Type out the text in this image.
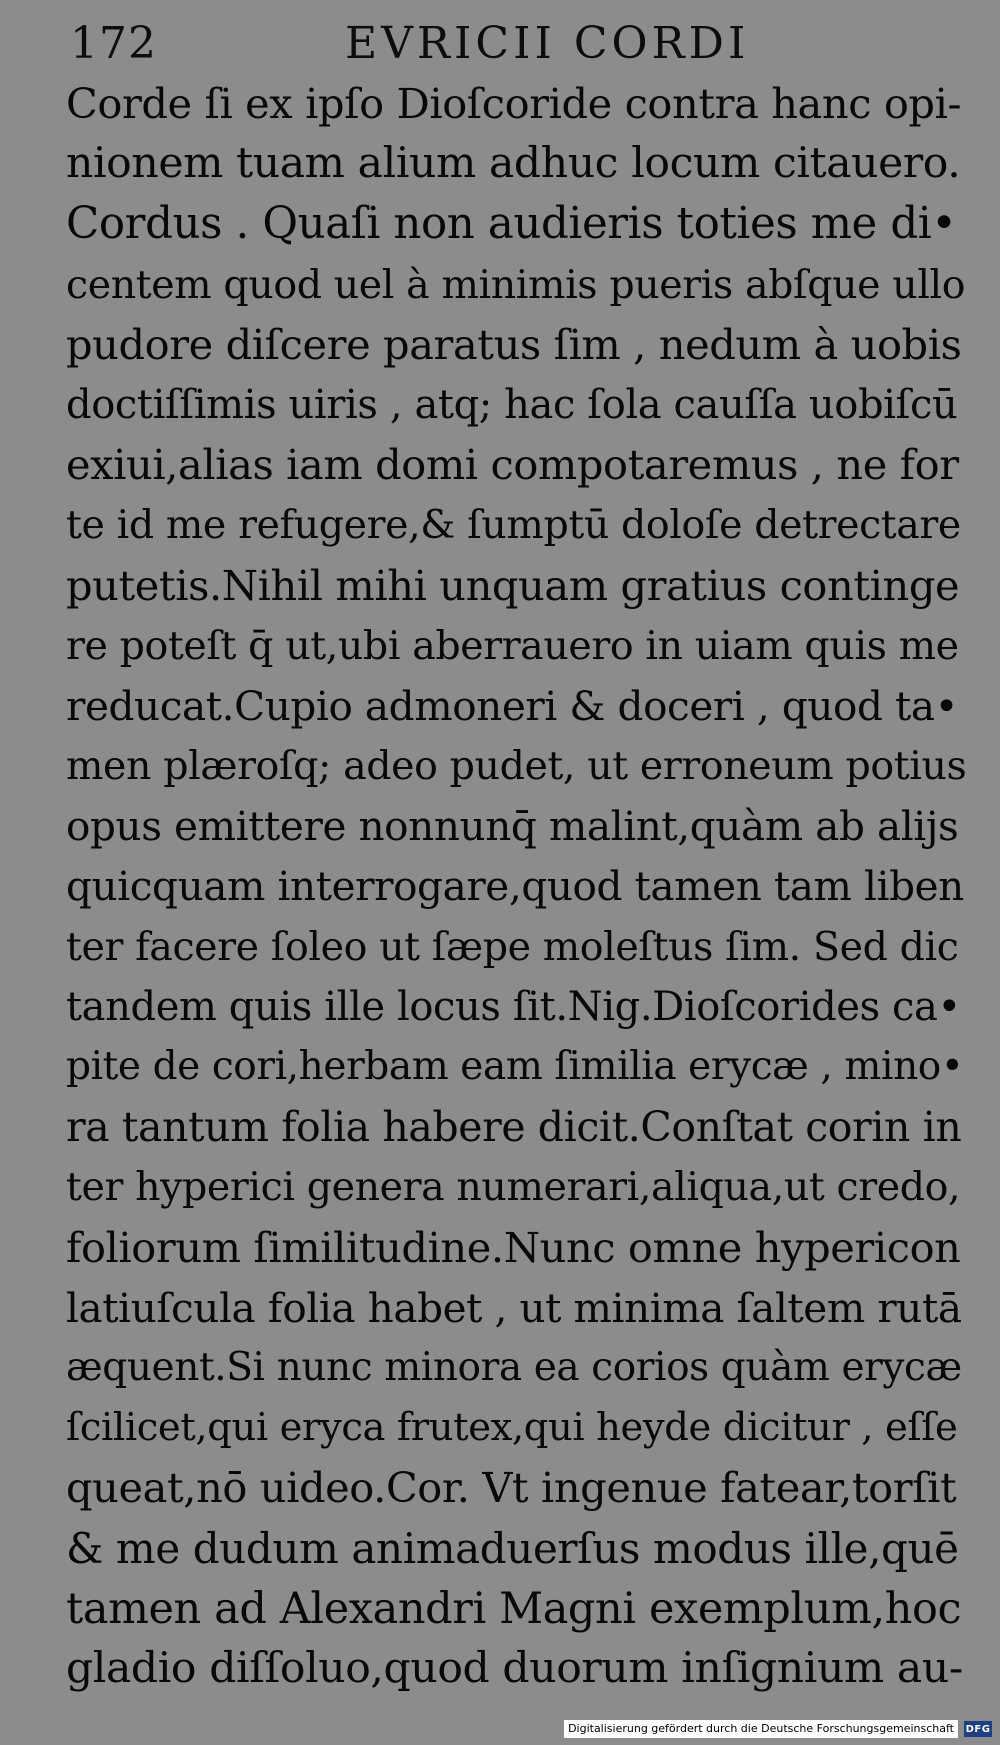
172	EVRICII CORDI
Corde ſi ex ipſo Dioſcoride contra hanc opi-
nionem tuam alium adhuc locum citauero.
Cordus . Quaſi non audieris toties me di•
centem quod uel à minimis pueris abſque ullo
pudore diſcere paratus ſim , nedum à uobis
doctiſſimis uiris , atq; hac ſola cauſſa uobiſcū
exiui,alias iam domi compotaremus , ne for
te id me refugere,& ſumptū doloſe detrectare
putetis.Nihil mihi unquam gratius continge
re poteſt q̄ ut,ubi aberrauero in uiam quis me
reducat.Cupio admoneri & doceri , quod ta•
men plæroſq; adeo pudet, ut erroneum potius
opus emittere nonnunq̄ malint,quàm ab alijs
quicquam interrogare,quod tamen tam liben
ter facere ſoleo ut ſæpe moleſtus ſim. Sed dic
tandem quis ille locus ſit.Nig.Dioſcorides ca•
pite de cori,herbam eam ſimilia erycæ , mino•
ra tantum folia habere dicit.Conſtat corin in
ter hyperici genera numerari,aliqua,ut credo,
foliorum ſimilitudine.Nunc omne hypericon
latiuſcula folia habet , ut minima ſaltem rutā
æquent.Si nunc minora ea corios quàm erycæ
ſcilicet,qui eryca frutex,qui heyde dicitur , eſſe
queat,nō uideo.Cor. Vt ingenue fatear,torſit
& me dudum animaduerſus modus ille,quē
tamen ad Alexandri Magni exemplum,hoc
gladio diſſoluo,quod duorum inſignium au-
Digitalisierung gefördert durch die Deutsche Forschungsgemeinschaft	DFG
